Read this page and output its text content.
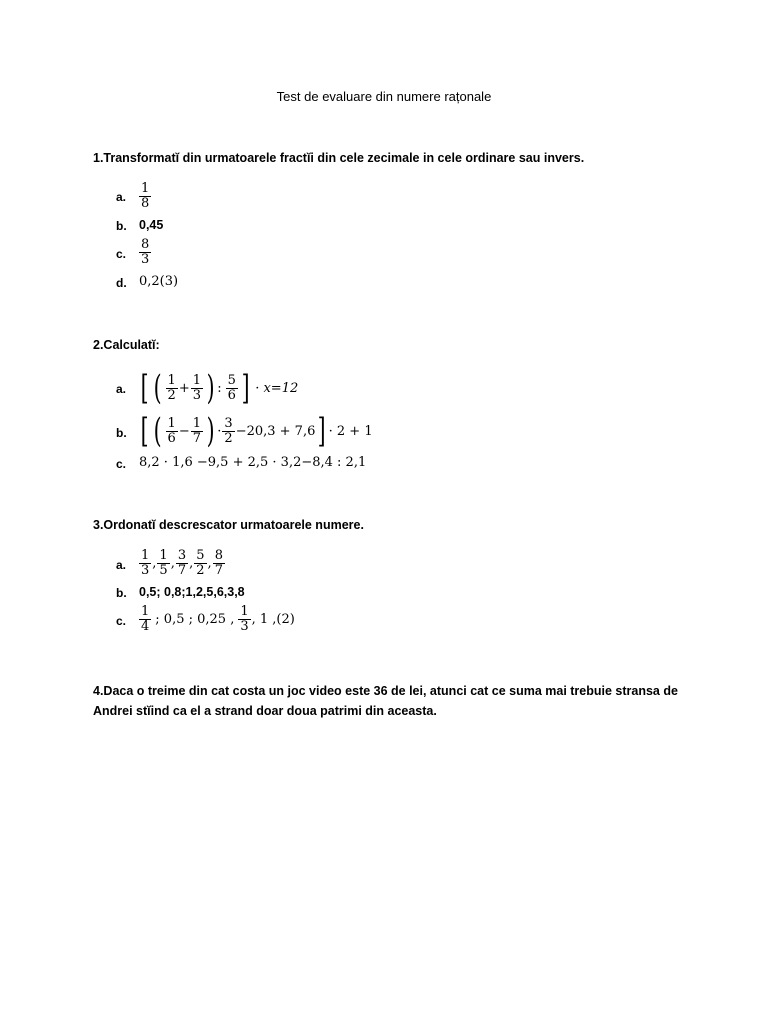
Test de evaluare din numere rațonale
1.Transformatĭ din urmatoarele fractĭi din cele zecimale in cele ordinare sau invers.
a. $\frac{1}{8}$
b. 0,45
c. $\frac{8}{3}$
d. 0,2(3)
2.Calculatĭ:
a. [ ( $\frac{1}{2} + \frac{1}{3}$ ) : $\frac{5}{6}$ ] · x=12
b. [ ( $\frac{1}{6} - \frac{1}{7}$ ) · $\frac{3}{2} -20,3 + 7,6$ ] · 2 + 1
c. 8,2 · 1,6 −9,5 + 2,5 · 3,2−8,4 : 2,1
3.Ordonatĭ descrescator urmatoarele numere.
a. $\frac{1}{3}$ , $\frac{1}{5}$ , $\frac{3}{7}$ , $\frac{5}{2}$ , $\frac{8}{7}$
b. 0,5; 0,8;1,2,5,6,3,8
c. $\frac{1}{4}$ ; 0,5 ; 0,25 , $\frac{1}{3}$ , 1 ,(2)
4.Daca o treime din cat costa un joc video este 36 de lei, atunci cat ce suma mai trebuie stransa de
Andrei stĭind ca el a strand doar doua patrimi din aceasta.
